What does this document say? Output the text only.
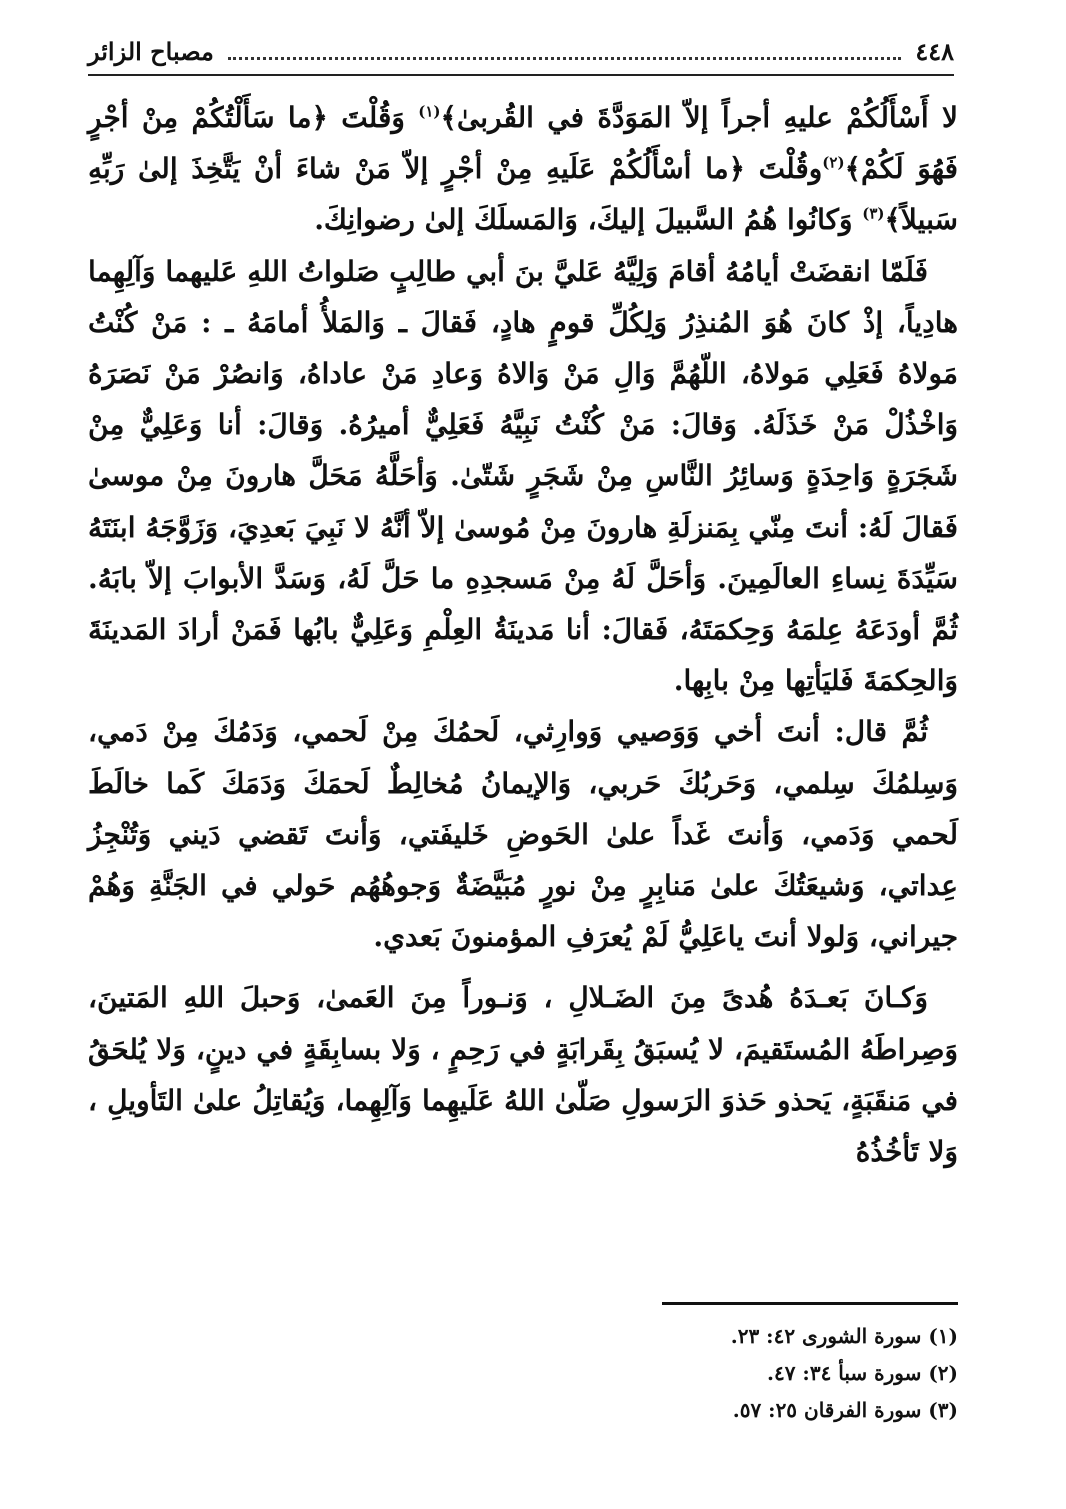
٤٤٨
مصباح الزائر

لا أَسْأَلُكُمْ عليهِ أجراً إلاّ المَوَدَّةَ في القُربىٰ﴾$^{(١)}$ وَقُلْتَ ﴿ما سَأَلْتُكُمْ مِنْ أجْرٍ فَهُوَ لَكُمْ﴾$^{(٢)}$وقُلْتَ ﴿ما أسْأَلُكُمْ عَلَيهِ مِنْ أجْرٍ إلاّ مَنْ شاءَ أنْ يَتَّخِذَ إلىٰ رَبِّهِ سَبيلاً﴾$^{(٣)}$ وَكانُوا هُمُ السَّبيلَ إليكَ، وَالمَسلَكَ إلىٰ رضوانِكَ.

فَلَمّا انقضَتْ أيامُهُ أقامَ وَلِيَّهُ عَليَّ بنَ أبي طالِبٍ صَلواتُ اللهِ عَليهما وَآلِهِما هادِياً، إذْ كانَ هُوَ المُنذِرُ وَلِكُلِّ قومٍ هادٍ، فَقالَ ـ وَالمَلأُ أمامَهُ ـ : مَنْ كُنْتُ مَولاهُ فَعَلِي مَولاهُ، اللّهُمَّ وَالِ مَنْ وَالاهُ وَعادِ مَنْ عاداهُ، وَانصُرْ مَنْ نَصَرَهُ وَاخْذُلْ مَنْ خَذَلَهُ. وَقالَ: مَنْ كُنْتُ نَبِيَّهُ فَعَلِيٌّ أميرُهُ. وَقالَ: أنا وَعَلِيٌّ مِنْ شَجَرَةٍ وَاحِدَةٍ وَسائِرُ النَّاسِ مِنْ شَجَرٍ شَتّىٰ. وَأحَلَّهُ مَحَلَّ هارونَ مِنْ موسىٰ فَقالَ لَهُ: أنتَ مِنّي بِمَنزلَةِ هارونَ مِنْ مُوسىٰ إلاّ أنَّهُ لا نَبِيَ بَعدِيَ، وَزَوَّجَهُ ابنَتَهُ سَيِّدَةَ نِساءِ العالَمِينَ. وَأحَلَّ لَهُ مِنْ مَسجدِهِ ما حَلَّ لَهُ، وَسَدَّ الأبوابَ إلاّ بابَهُ. ثُمَّ أودَعَهُ عِلمَهُ وَحِكمَتَهُ، فَقالَ: أنا مَدينَةُ العِلْمِ وَعَلِيٌّ بابُها فَمَنْ أرادَ المَدينَةَ وَالحِكمَةَ فَليَأتِها مِنْ بابِها.

ثُمَّ قال: أنتَ أخي وَوَصيي وَوارِثي، لَحمُكَ مِنْ لَحمي، وَدَمُكَ مِنْ دَمي، وَسِلمُكَ سِلمي، وَحَربُكَ حَربي، وَالإيمانُ مُخالِطٌ لَحمَكَ وَدَمَكَ كَما خالَطَ لَحمي وَدَمي، وَأنتَ غَداً علىٰ الحَوضِ خَليفَتي، وَأنتَ تَقضي دَيني وَتُنْجِزُ عِداتي، وَشيعَتُكَ علىٰ مَنابِرٍ مِنْ نورٍ مُبَيَّضَةٌ وَجوهُهُم حَولي في الجَنَّةِ وَهُمْ جيراني، وَلولا أنتَ ياعَلِيُّ لَمْ يُعرَفِ المؤمنونَ بَعدي.

وَكـانَ بَعـدَهُ هُدىً مِنَ الضَـلالِ ، وَنـوراً مِنَ العَمىٰ، وَحبلَ اللهِ المَتينَ، وَصِراطَهُ المُستَقيمَ، لا يُسبَقُ بِقَرابَةٍ في رَحِمٍ ، وَلا بسابِقَةٍ في دينٍ، وَلا يُلحَقُ في مَنقَبَةٍ، يَحذو حَذوَ الرَسولِ صَلّىٰ اللهُ عَلَيهِما وَآلِهِما، وَيُقاتِلُ علىٰ التَأويلِ ، وَلا تَأخُذُهُ

(١) سورة الشورى ٤٢: ٢٣.
(٢) سورة سبأ ٣٤: ٤٧.
(٣) سورة الفرقان ٢٥: ٥٧.
